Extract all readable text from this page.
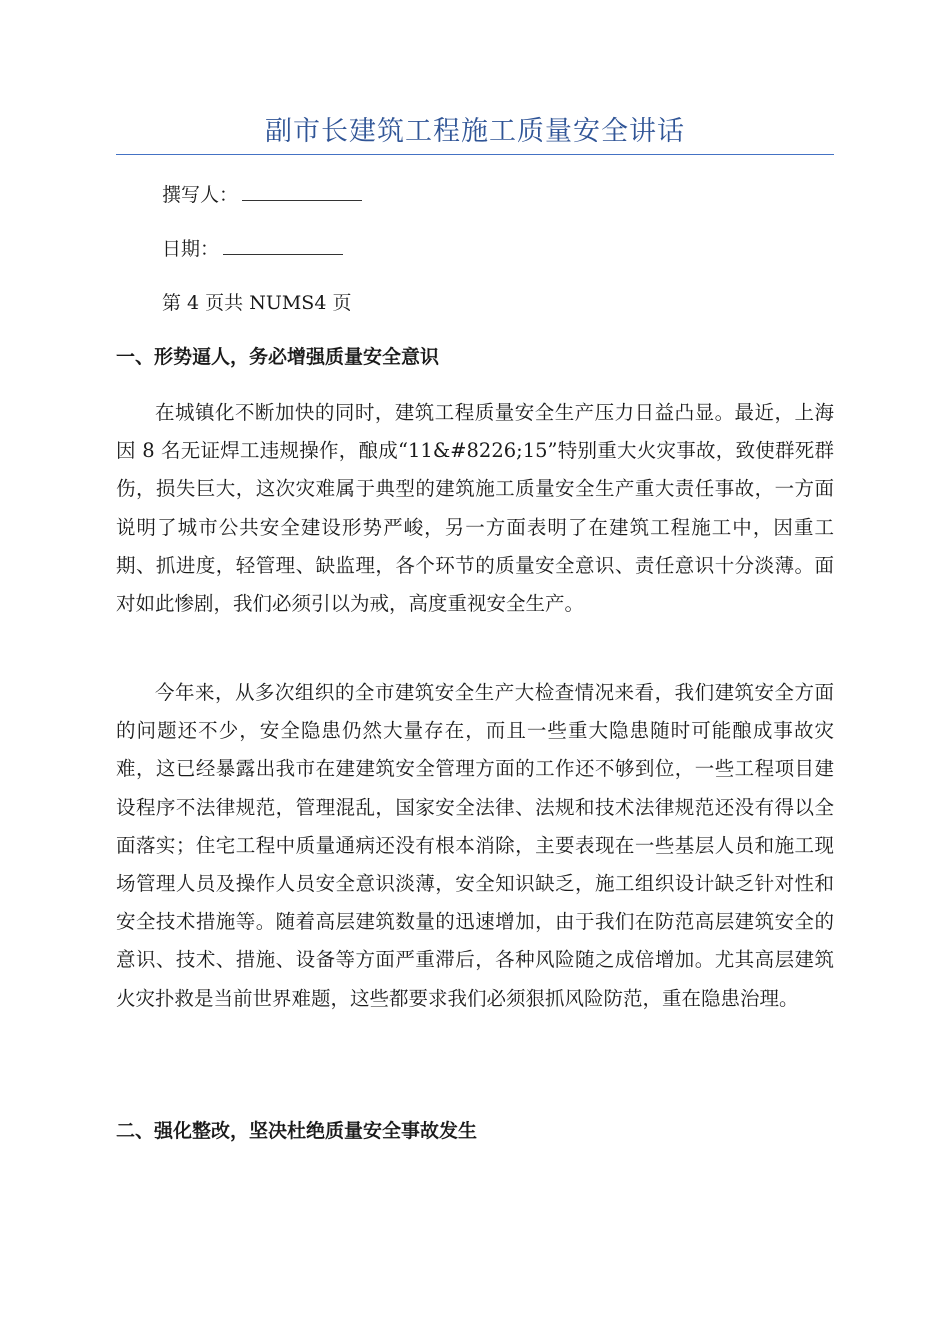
副市长建筑工程施工质量安全讲话
撰写人：
日期：
第 4 页共 NUMS4 页
一、形势逼人，务必增强质量安全意识
在城镇化不断加快的同时，建筑工程质量安全生产压力日益凸显。最近，上海因 8 名无证焊工违规操作，酿成“11&#8226;15”特别重大火灾事故，致使群死群伤，损失巨大，这次灾难属于典型的建筑施工质量安全生产重大责任事故，一方面说明了城市公共安全建设形势严峻，另一方面表明了在建筑工程施工中，因重工期、抓进度，轻管理、缺监理，各个环节的质量安全意识、责任意识十分淡薄。面对如此惨剧，我们必须引以为戒，高度重视安全生产。
今年来，从多次组织的全市建筑安全生产大检查情况来看，我们建筑安全方面的问题还不少，安全隐患仍然大量存在，而且一些重大隐患随时可能酿成事故灾难，这已经暴露出我市在建建筑安全管理方面的工作还不够到位，一些工程项目建设程序不法律规范，管理混乱，国家安全法律、法规和技术法律规范还没有得以全面落实；住宅工程中质量通病还没有根本消除，主要表现在一些基层人员和施工现场管理人员及操作人员安全意识淡薄，安全知识缺乏，施工组织设计缺乏针对性和安全技术措施等。随着高层建筑数量的迅速增加，由于我们在防范高层建筑安全的意识、技术、措施、设备等方面严重滞后，各种风险随之成倍增加。尤其高层建筑火灾扑救是当前世界难题，这些都要求我们必须狠抓风险防范，重在隐患治理。
二、强化整改，坚决杜绝质量安全事故发生
